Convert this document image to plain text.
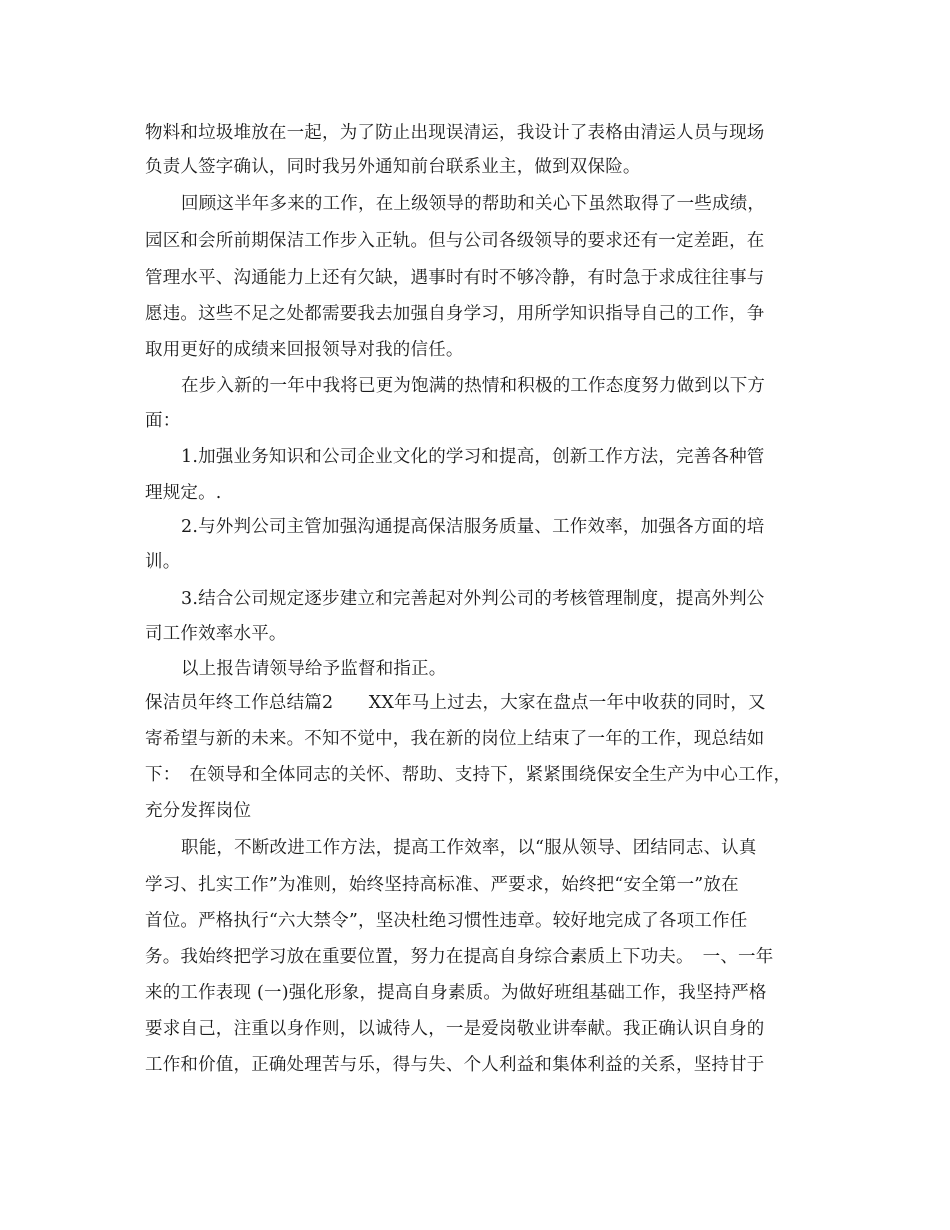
物料和垃圾堆放在一起，为了防止出现误清运，我设计了表格由清运人员与现场
负责人签字确认，同时我另外通知前台联系业主，做到双保险。
回顾这半年多来的工作，在上级领导的帮助和关心下虽然取得了一些成绩，
园区和会所前期保洁工作步入正轨。但与公司各级领导的要求还有一定差距，在
管理水平、沟通能力上还有欠缺，遇事时有时不够冷静，有时急于求成往往事与
愿违。这些不足之处都需要我去加强自身学习，用所学知识指导自己的工作，争
取用更好的成绩来回报领导对我的信任。
在步入新的一年中我将已更为饱满的热情和积极的工作态度努力做到以下方
面：
1.加强业务知识和公司企业文化的学习和提高，创新工作方法，完善各种管
理规定。.
2.与外判公司主管加强沟通提高保洁服务质量、工作效率，加强各方面的培
训。
3.结合公司规定逐步建立和完善起对外判公司的考核管理制度，提高外判公
司工作效率水平。
以上报告请领导给予监督和指正。
保洁员年终工作总结篇2　　XX年马上过去，大家在盘点一年中收获的同时，又
寄希望与新的未来。不知不觉中，我在新的岗位上结束了一年的工作，现总结如
下：　在领导和全体同志的关怀、帮助、支持下，紧紧围绕保安全生产为中心工作，
充分发挥岗位
职能，不断改进工作方法，提高工作效率，以“服从领导、团结同志、认真
学习、扎实工作”为准则，始终坚持高标准、严要求，始终把“安全第一”放在
首位。严格执行“六大禁令”，坚决杜绝习惯性违章。较好地完成了各项工作任
务。我始终把学习放在重要位置，努力在提高自身综合素质上下功夫。　一、一年
来的工作表现 (一)强化形象，提高自身素质。为做好班组基础工作，我坚持严格
要求自己，注重以身作则，以诚待人，一是爱岗敬业讲奉献。我正确认识自身的
工作和价值，正确处理苦与乐，得与失、个人利益和集体利益的关系，坚持甘于
